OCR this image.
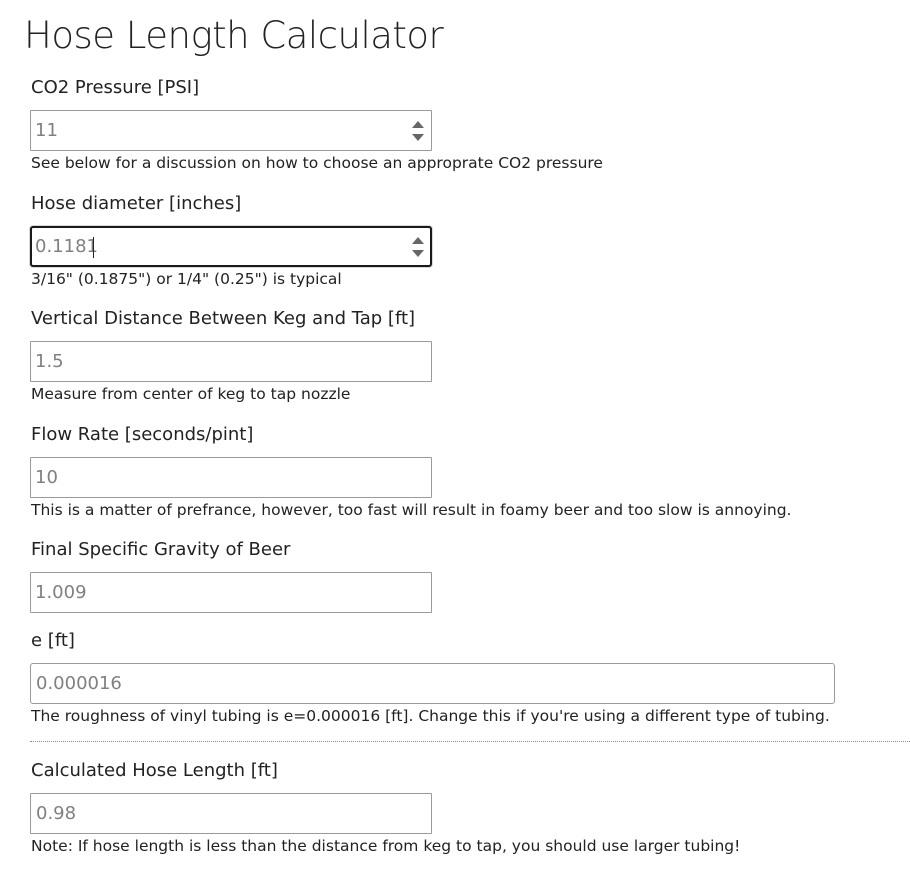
Hose Length Calculator
CO2 Pressure [PSI]
11
See below for a discussion on how to choose an approprate CO2 pressure
Hose diameter [inches]
0.1181
3/16" (0.1875") or 1/4" (0.25") is typical
Vertical Distance Between Keg and Tap [ft]
1.5
Measure from center of keg to tap nozzle
Flow Rate [seconds/pint]
10
This is a matter of prefrance, however, too fast will result in foamy beer and too slow is annoying.
Final Specific Gravity of Beer
1.009
e [ft]
0.000016
The roughness of vinyl tubing is e=0.000016 [ft]. Change this if you're using a different type of tubing.
Calculated Hose Length [ft]
0.98
Note: If hose length is less than the distance from keg to tap, you should use larger tubing!
